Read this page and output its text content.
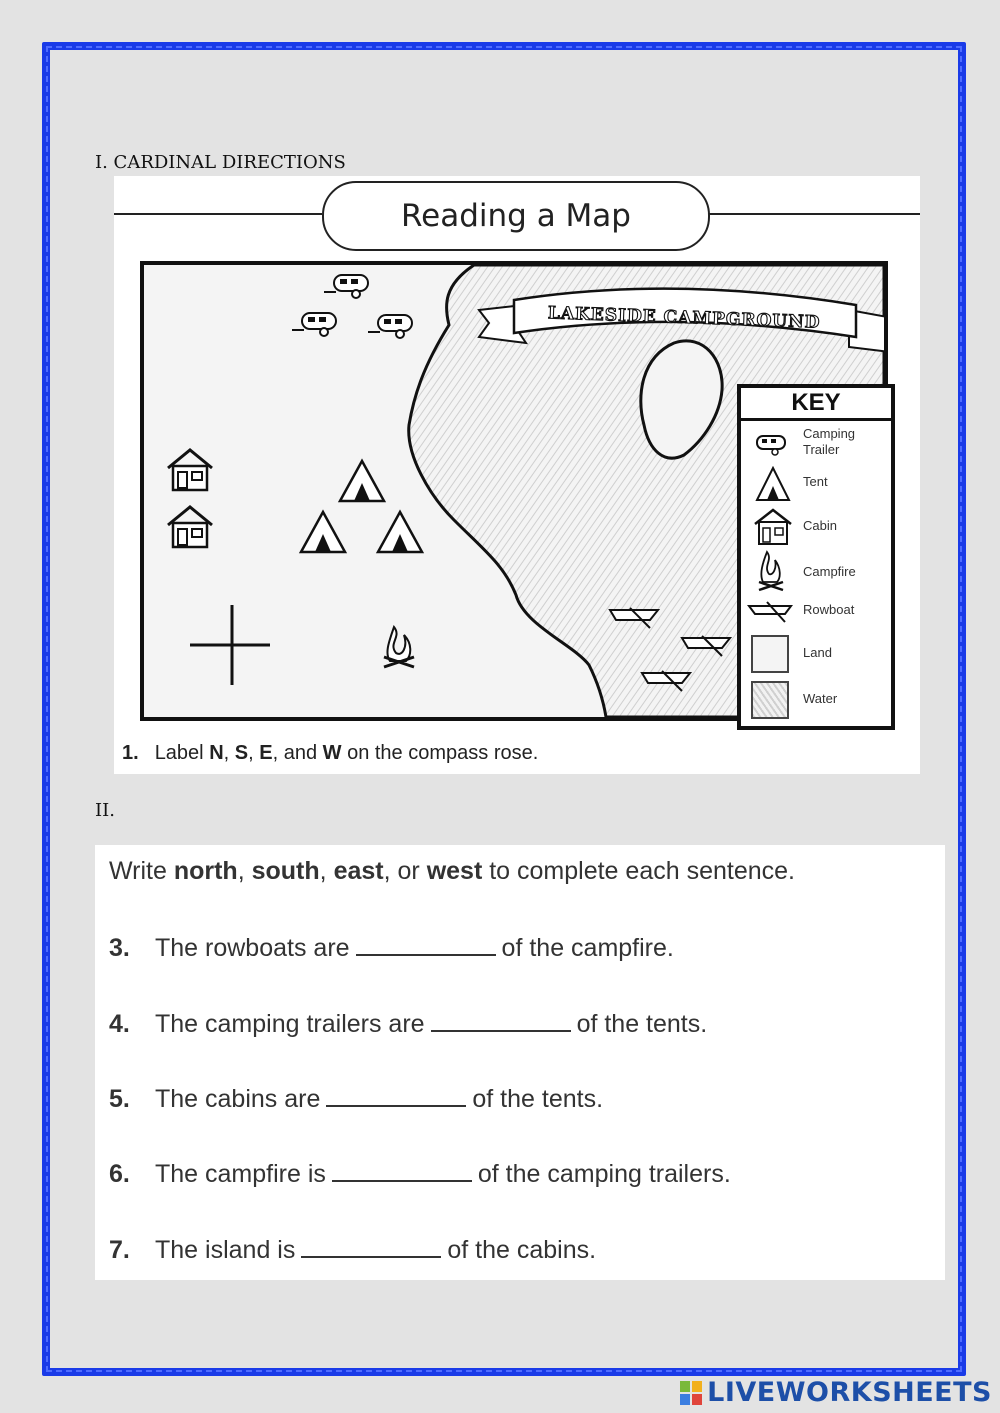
I. CARDINAL DIRECTIONS
Reading a Map
LAKESIDE CAMPGROUND
KEY
Camping Trailer
Tent
Cabin
Campfire
Rowboat
Land
Water
1. Label N, S, E, and W on the compass rose.
II.
Write north, south, east, or west to complete each sentence.
3. The rowboats are	of the campfire.
4. The camping trailers are	of the tents.
5. The cabins are	of the tents.
6. The campfire is	of the camping trailers.
7. The island is	of the cabins.
LIVEWORKSHEETS
